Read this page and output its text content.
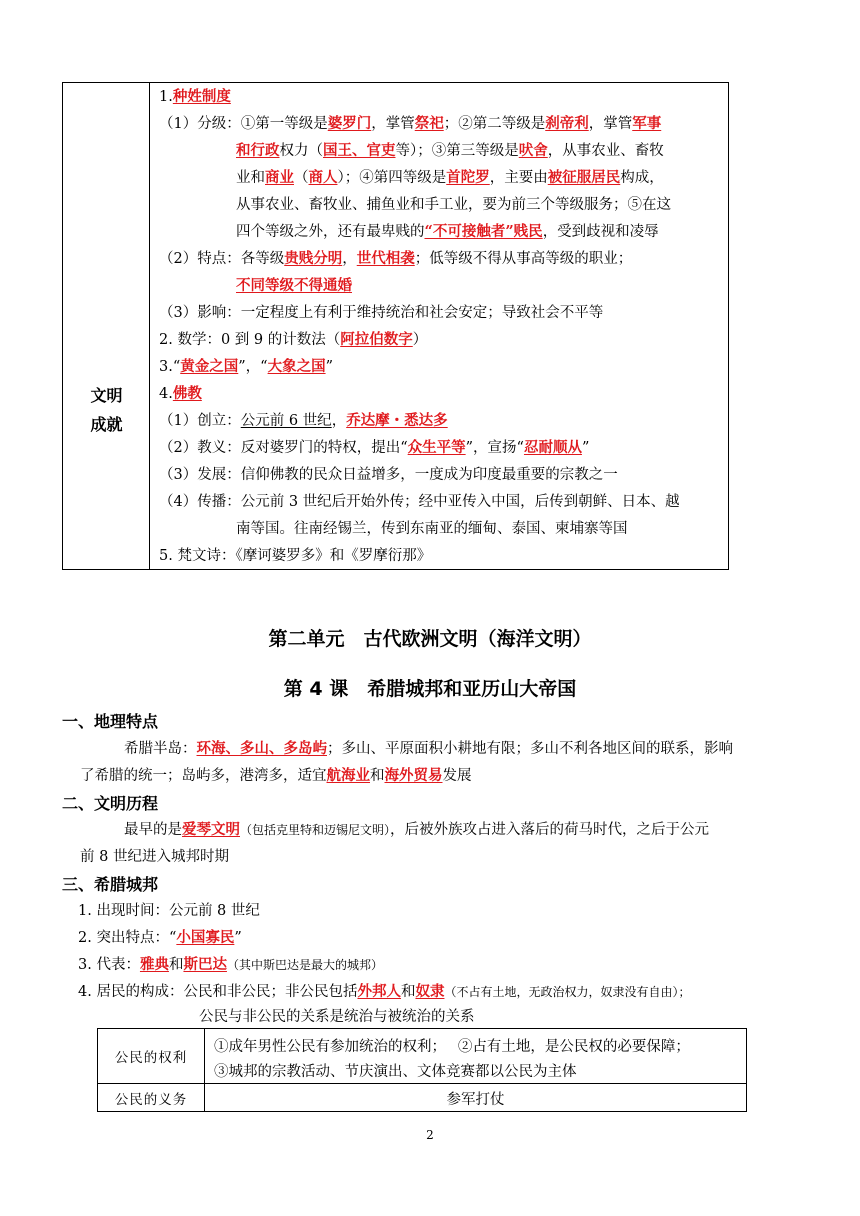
文明
成就
1.种姓制度
（1）分级：①第一等级是婆罗门，掌管祭祀；②第二等级是刹帝利，掌管军事
和行政权力（国王、官吏等）；③第三等级是吠舍，从事农业、畜牧
业和商业（商人）；④第四等级是首陀罗，主要由被征服居民构成，
从事农业、畜牧业、捕鱼业和手工业，要为前三个等级服务；⑤在这
四个等级之外，还有最卑贱的“不可接触者”贱民，受到歧视和凌辱
（2）特点：各等级贵贱分明，世代相袭；低等级不得从事高等级的职业；
不同等级不得通婚
（3）影响：一定程度上有利于维持统治和社会安定；导致社会不平等
2. 数学：0 到 9 的计数法（阿拉伯数字）
3.“黄金之国”，“大象之国”
4.佛教
（1）创立：公元前 6 世纪，乔达摩・悉达多
（2）教义：反对婆罗门的特权，提出“众生平等”，宣扬“忍耐顺从”
（3）发展：信仰佛教的民众日益增多，一度成为印度最重要的宗教之一
（4）传播：公元前 3 世纪后开始外传；经中亚传入中国，后传到朝鲜、日本、越
南等国。往南经锡兰，传到东南亚的缅甸、泰国、柬埔寨等国
5. 梵文诗：《摩诃婆罗多》和《罗摩衍那》
第二单元　古代欧洲文明（海洋文明）
第 4 课　希腊城邦和亚历山大帝国
一、地理特点
希腊半岛：环海、多山、多岛屿；多山、平原面积小耕地有限；多山不利各地区间的联系，影响
了希腊的统一；岛屿多，港湾多，适宜航海业和海外贸易发展
二、文明历程
最早的是爱琴文明（包括克里特和迈锡尼文明），后被外族攻占进入落后的荷马时代，之后于公元
前 8 世纪进入城邦时期
三、希腊城邦
1. 出现时间：公元前 8 世纪
2. 突出特点：“小国寡民”
3. 代表：雅典和斯巴达（其中斯巴达是最大的城邦）
4. 居民的构成：公民和非公民；非公民包括外邦人和奴隶（不占有土地，无政治权力，奴隶没有自由）；
公民与非公民的关系是统治与被统治的关系
公民的权利
①成年男性公民有参加统治的权利；　 ②占有土地，是公民权的必要保障；
③城邦的宗教活动、节庆演出、文体竞赛都以公民为主体
公民的义务	参军打仗
2
